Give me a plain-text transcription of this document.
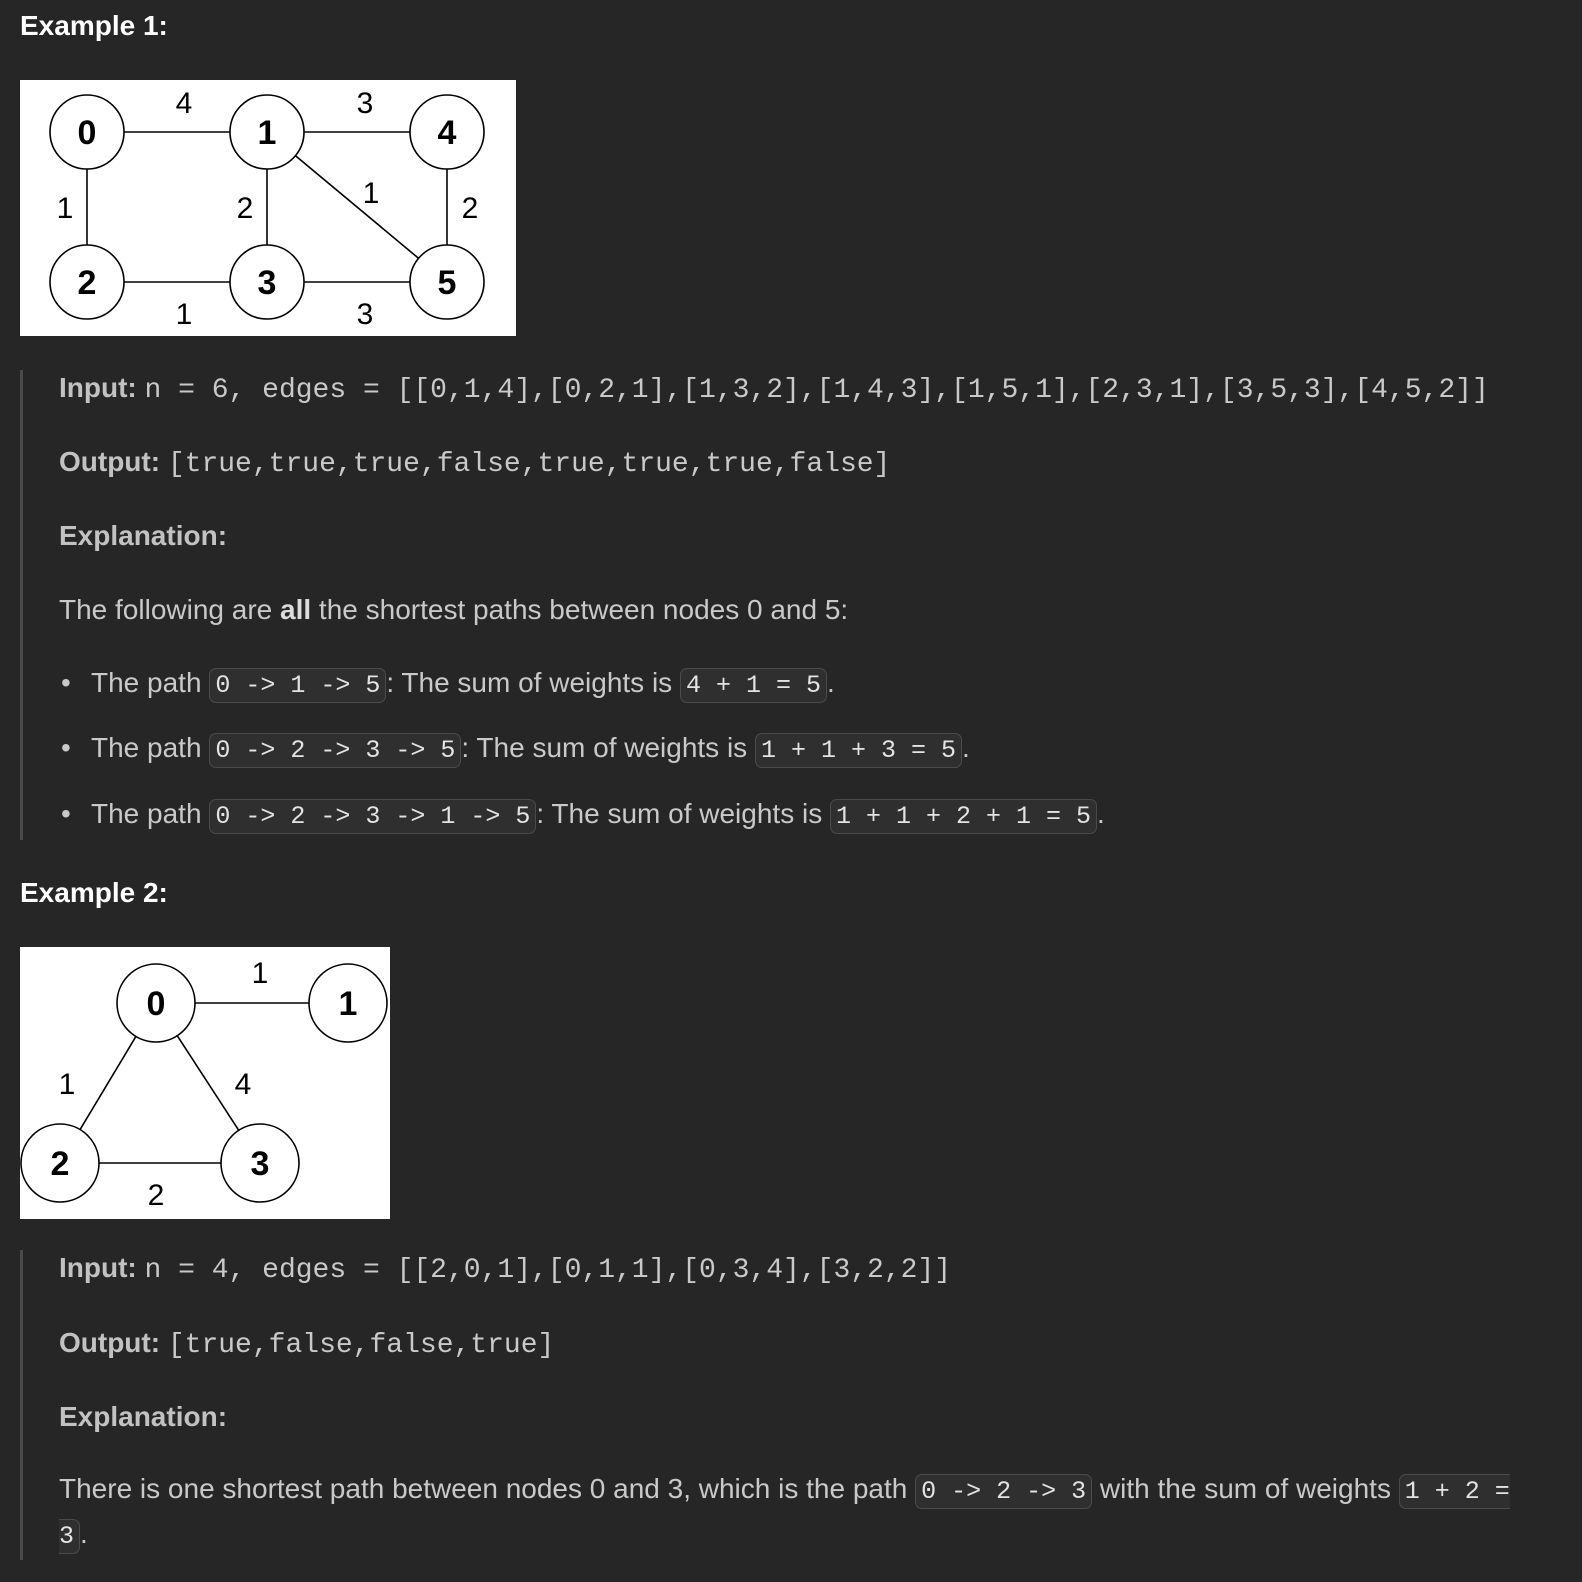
Example 1:
0	1	4
2	3	5
4	3
1	2	1	2
1	3
Input: n = 6, edges = [[0,1,4],[0,2,1],[1,3,2],[1,4,3],[1,5,1],[2,3,1],[3,5,3],[4,5,2]]
Output: [true,true,true,false,true,true,true,false]
Explanation:
The following are all the shortest paths between nodes 0 and 5:
• The path 0 -> 1 -> 5 : The sum of weights is 4 + 1 = 5 .
• The path 0 -> 2 -> 3 -> 5 : The sum of weights is 1 + 1 + 3 = 5 .
• The path 0 -> 2 -> 3 -> 1 -> 5 : The sum of weights is 1 + 1 + 2 + 1 = 5 .
Example 2:
0	1
2	3
1
1	4
2
Input: n = 4, edges = [[2,0,1],[0,1,1],[0,3,4],[3,2,2]]
Output: [true,false,false,true]
Explanation:
There is one shortest path between nodes 0 and 3, which is the path 0 -> 2 -> 3 with the sum of weights 1 + 2 = 3 .
